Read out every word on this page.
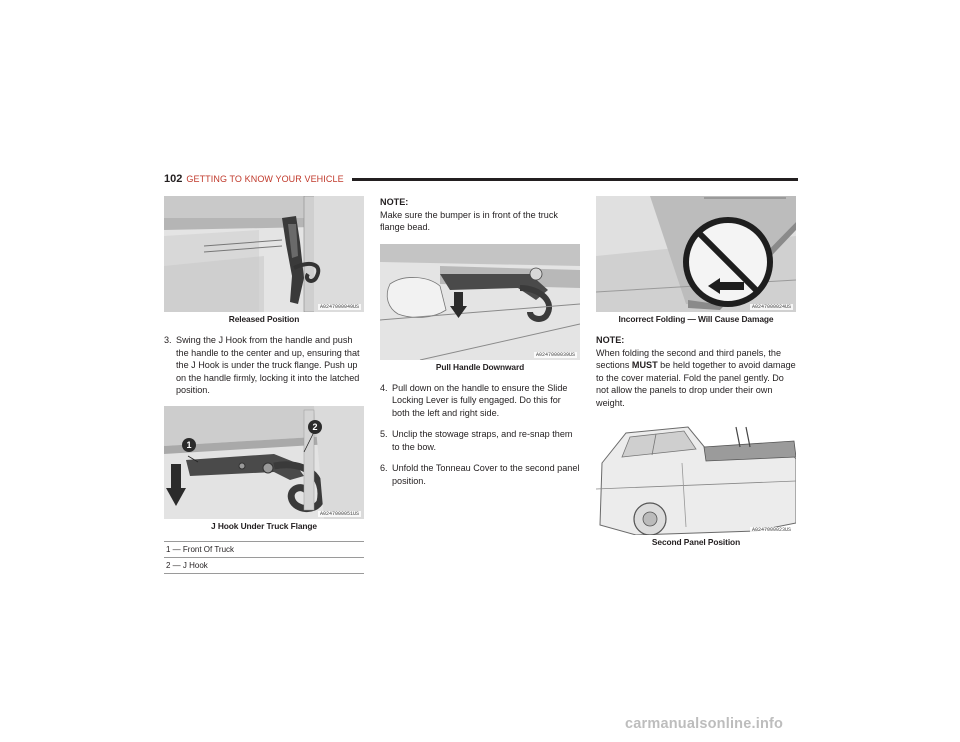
102 GETTING TO KNOW YOUR VEHICLE
A0247000049US
Released Position
3. Swing the J Hook from the handle and push the handle to the center and up, ensuring that the J Hook is under the truck flange. Push up on the handle firmly, locking it into the latched position.
1
2
A0247000051US
J Hook Under Truck Flange
1 — Front Of Truck
2 — J Hook
NOTE:
Make sure the bumper is in front of the truck flange bead.
A0247000039US
Pull Handle Downward
4. Pull down on the handle to ensure the Slide Locking Lever is fully engaged. Do this for both the left and right side.
5. Unclip the stowage straps, and re-snap them to the bow.
6. Unfold the Tonneau Cover to the second panel position.
A0247000024US
Incorrect Folding — Will Cause Damage
NOTE:
When folding the second and third panels, the sections MUST be held together to avoid damage to the cover material. Fold the panel gently. Do not allow the panels to drop under their own weight.
A0247000023US
Second Panel Position
carmanualsonline.info
